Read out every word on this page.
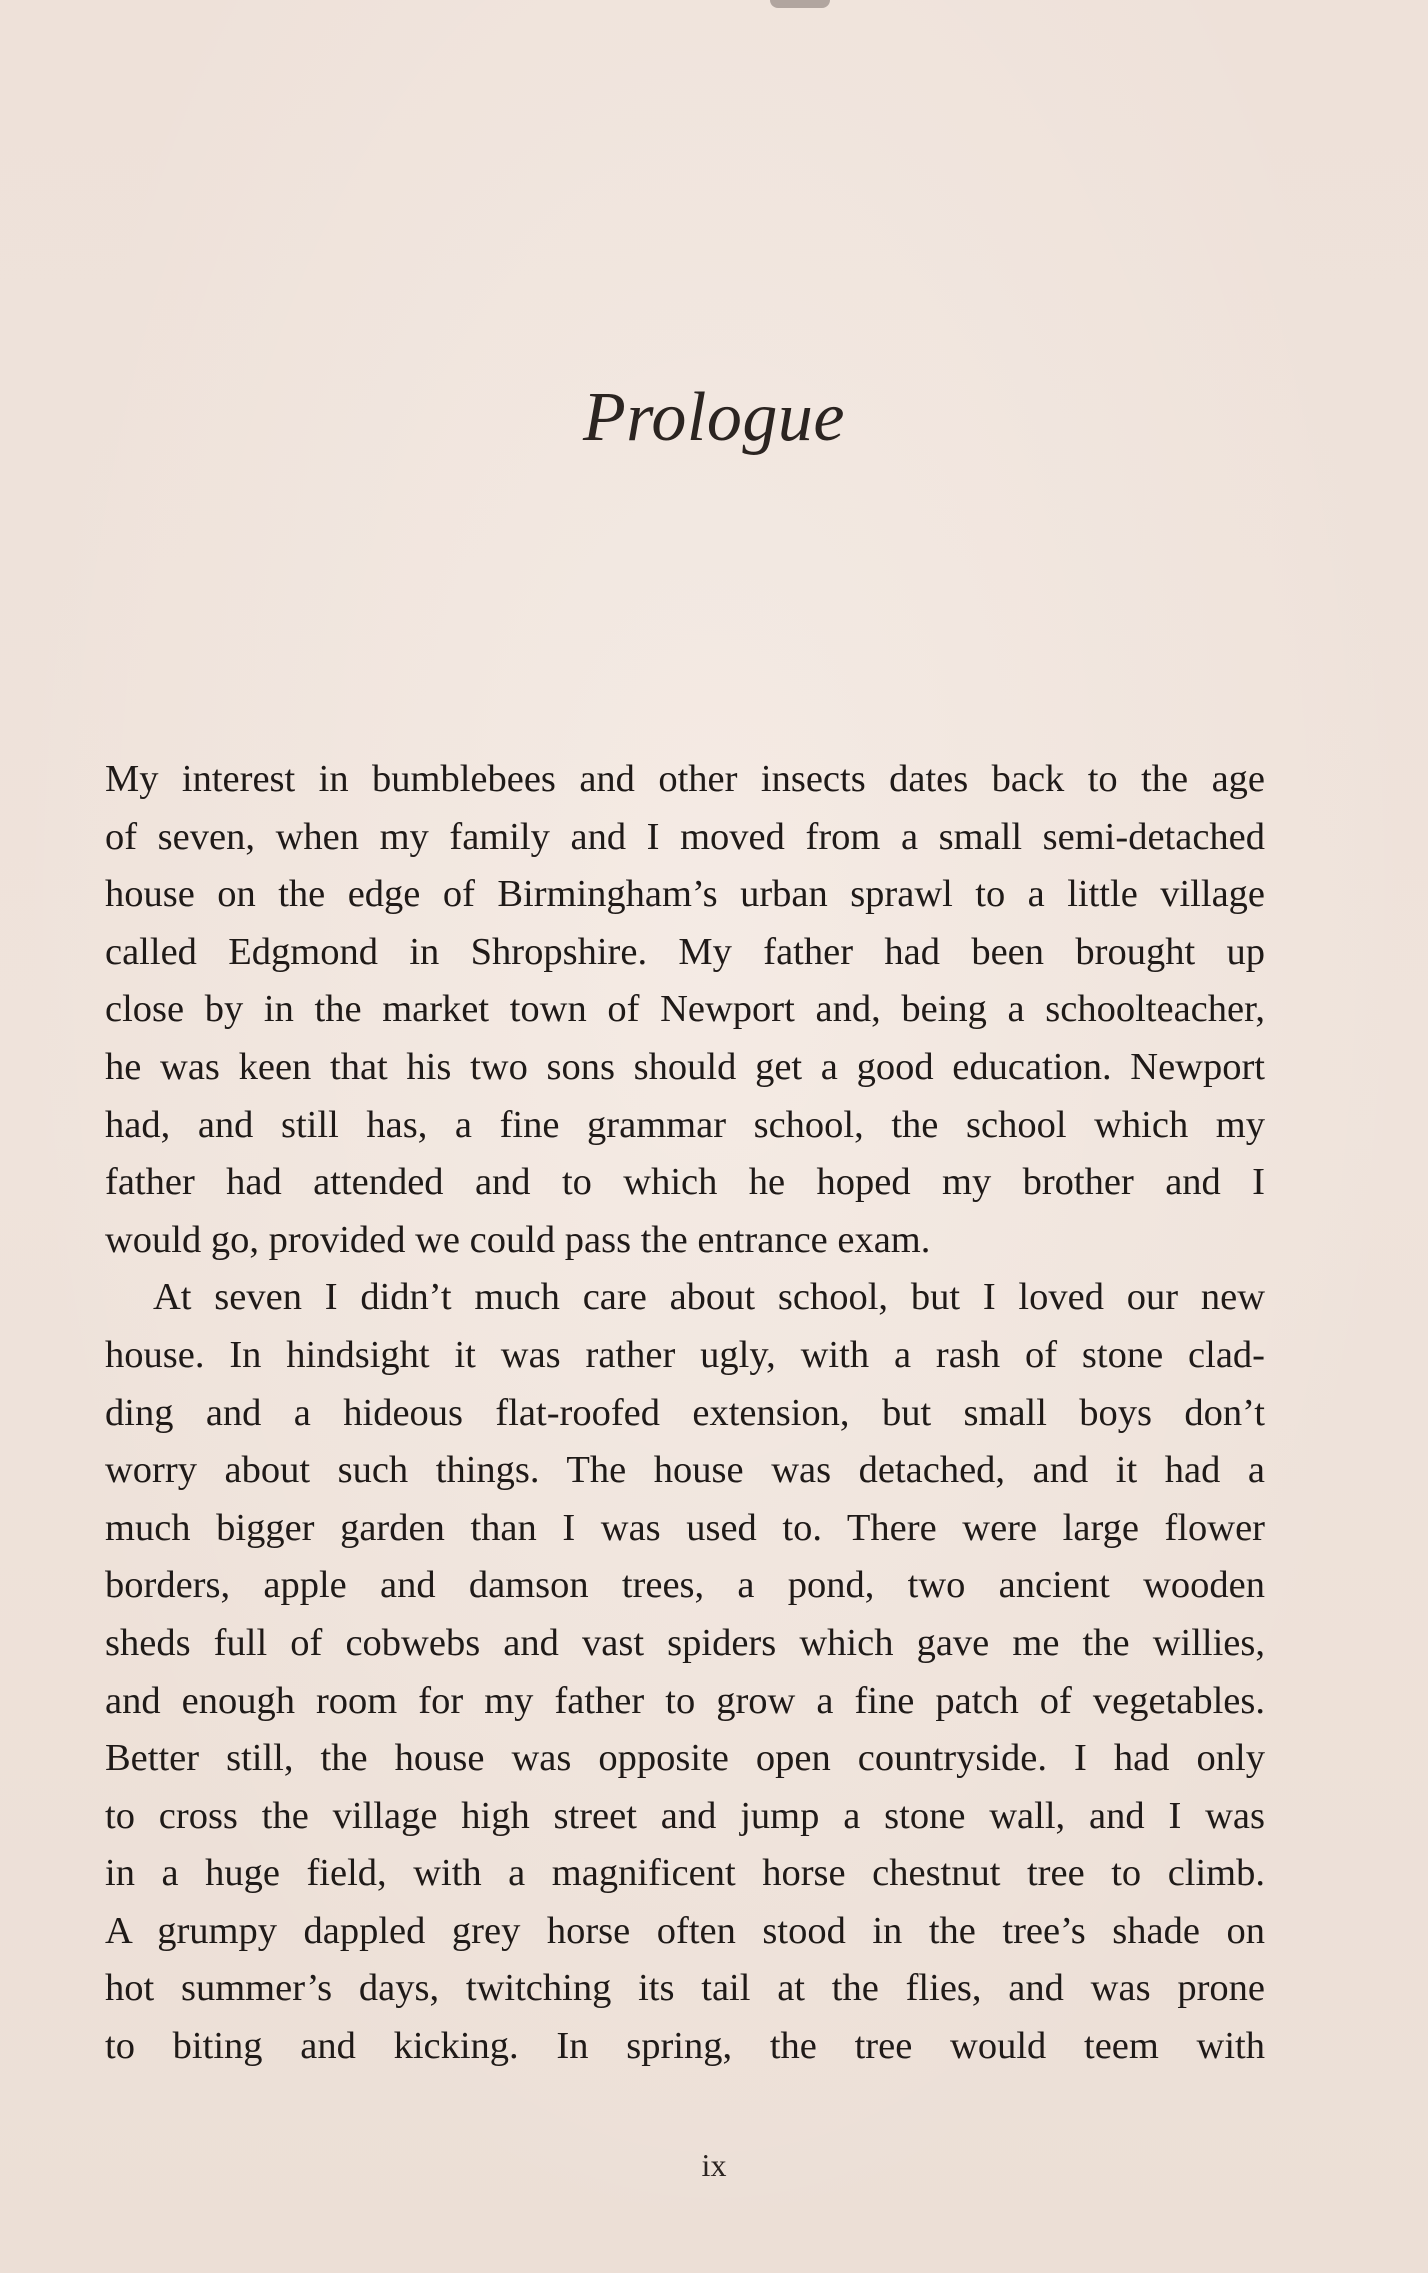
Prologue

My interest in bumblebees and other insects dates back to the age
of seven, when my family and I moved from a small semi-detached
house on the edge of Birmingham’s urban sprawl to a little village
called Edgmond in Shropshire. My father had been brought up
close by in the market town of Newport and, being a schoolteacher,
he was keen that his two sons should get a good education. Newport
had, and still has, a fine grammar school, the school which my
father had attended and to which he hoped my brother and I
would go, provided we could pass the entrance exam.

At seven I didn’t much care about school, but I loved our new
house. In hindsight it was rather ugly, with a rash of stone clad-
ding and a hideous flat-roofed extension, but small boys don’t
worry about such things. The house was detached, and it had a
much bigger garden than I was used to. There were large flower
borders, apple and damson trees, a pond, two ancient wooden
sheds full of cobwebs and vast spiders which gave me the willies,
and enough room for my father to grow a fine patch of vegetables.
Better still, the house was opposite open countryside. I had only
to cross the village high street and jump a stone wall, and I was
in a huge field, with a magnificent horse chestnut tree to climb.
A grumpy dappled grey horse often stood in the tree’s shade on
hot summer’s days, twitching its tail at the flies, and was prone
to biting and kicking. In spring, the tree would teem with

ix
